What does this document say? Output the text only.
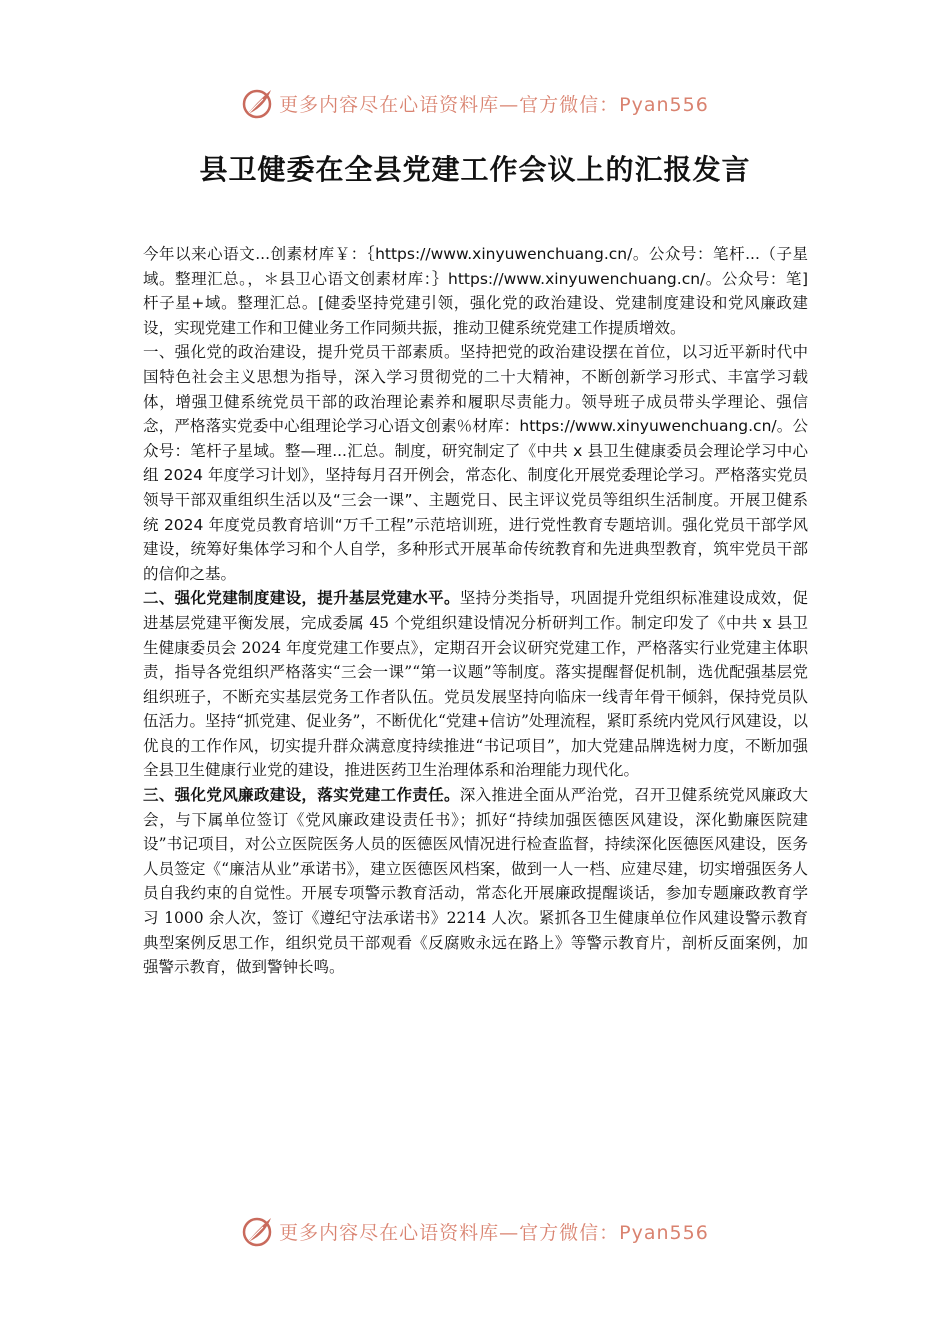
更多内容尽在心语资料库—官方微信：Pyan556
县卫健委在全县党建工作会议上的汇报发言

今年以来心语文...创素材库￥：｛https://www.xinyuwenchuang.cn/。公众号：笔杆...（子星域。整理汇总。，＊县卫心语文创素材库：｝https://www.xinyuwenchuang.cn/。公众号：笔]杆子星+域。整理汇总。[健委坚持党建引领，强化党的政治建设、党建制度建设和党风廉政建设，实现党建工作和卫健业务工作同频共振，推动卫健系统党建工作提质增效。

一、强化党的政治建设，提升党员干部素质。坚持把党的政治建设摆在首位，以习近平新时代中国特色社会主义思想为指导，深入学习贯彻党的二十大精神，不断创新学习形式、丰富学习载体，增强卫健系统党员干部的政治理论素养和履职尽责能力。领导班子成员带头学理论、强信念，严格落实党委中心组理论学习心语文创素％材库：https://www.xinyuwenchuang.cn/。公众号：笔杆子星域。整—理...汇总。制度，研究制定了《中共 x 县卫生健康委员会理论学习中心组 2024 年度学习计划》，坚持每月召开例会，常态化、制度化开展党委理论学习。严格落实党员领导干部双重组织生活以及“三会一课”、主题党日、民主评议党员等组织生活制度。开展卫健系统 2024 年度党员教育培训“万千工程”示范培训班，进行党性教育专题培训。强化党员干部学风建设，统筹好集体学习和个人自学，多种形式开展革命传统教育和先进典型教育，筑牢党员干部的信仰之基。

二、强化党建制度建设，提升基层党建水平。坚持分类指导，巩固提升党组织标准建设成效，促进基层党建平衡发展，完成委属 45 个党组织建设情况分析研判工作。制定印发了《中共 x 县卫生健康委员会 2024 年度党建工作要点》，定期召开会议研究党建工作，严格落实行业党建主体职责，指导各党组织严格落实“三会一课”“第一议题”等制度。落实提醒督促机制，选优配强基层党组织班子，不断充实基层党务工作者队伍。党员发展坚持向临床一线青年骨干倾斜，保持党员队伍活力。坚持“抓党建、促业务”，不断优化“党建+信访”处理流程，紧盯系统内党风行风建设，以优良的工作作风，切实提升群众满意度持续推进“书记项目”，加大党建品牌选树力度，不断加强全县卫生健康行业党的建设，推进医药卫生治理体系和治理能力现代化。

三、强化党风廉政建设，落实党建工作责任。深入推进全面从严治党，召开卫健系统党风廉政大会，与下属单位签订《党风廉政建设责任书》；抓好“持续加强医德医风建设，深化勤廉医院建设”书记项目，对公立医院医务人员的医德医风情况进行检查监督，持续深化医德医风建设，医务人员签定《“廉洁从业”承诺书》，建立医德医风档案，做到一人一档、应建尽建，切实增强医务人员自我约束的自觉性。开展专项警示教育活动，常态化开展廉政提醒谈话，参加专题廉政教育学习 1000 余人次，签订《遵纪守法承诺书》2214 人次。紧抓各卫生健康单位作风建设警示教育典型案例反思工作，组织党员干部观看《反腐败永远在路上》等警示教育片，剖析反面案例，加强警示教育，做到警钟长鸣。

更多内容尽在心语资料库—官方微信：Pyan556
